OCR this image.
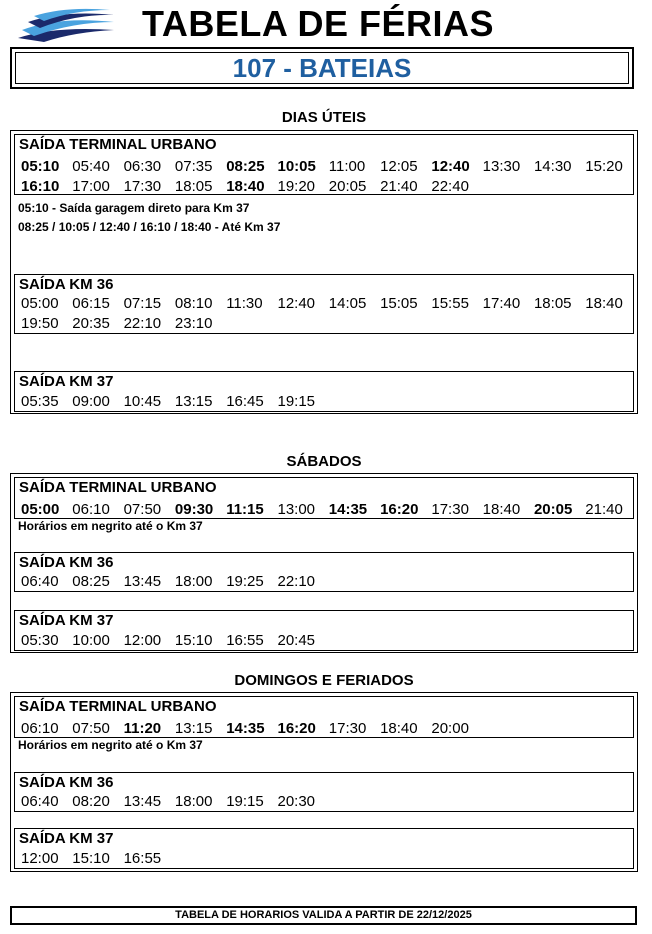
TABELA DE FÉRIAS
107 - BATEIAS
DIAS ÚTEIS
SAÍDA TERMINAL URBANO
05:10 05:40 06:30 07:35 08:25 10:05 11:00 12:05 12:40 13:30 14:30 15:20
16:10 17:00 17:30 18:05 18:40 19:20 20:05 21:40 22:40
05:10 - Saída garagem direto para Km 37
08:25 / 10:05 / 12:40 / 16:10 / 18:40 - Até Km 37
SAÍDA KM 36
05:00 06:15 07:15 08:10 11:30 12:40 14:05 15:05 15:55 17:40 18:05 18:40
19:50 20:35 22:10 23:10
SAÍDA KM 37
05:35 09:00 10:45 13:15 16:45 19:15
SÁBADOS
SAÍDA TERMINAL URBANO
05:00 06:10 07:50 09:30 11:15 13:00 14:35 16:20 17:30 18:40 20:05 21:40
Horários em negrito até o Km 37
SAÍDA KM 36
06:40 08:25 13:45 18:00 19:25 22:10
SAÍDA KM 37
05:30 10:00 12:00 15:10 16:55 20:45
DOMINGOS E FERIADOS
SAÍDA TERMINAL URBANO
06:10 07:50 11:20 13:15 14:35 16:20 17:30 18:40 20:00
Horários em negrito até o Km 37
SAÍDA KM 36
06:40 08:20 13:45 18:00 19:15 20:30
SAÍDA KM 37
12:00 15:10 16:55
TABELA DE HORARIOS VALIDA A PARTIR DE 22/12/2025
